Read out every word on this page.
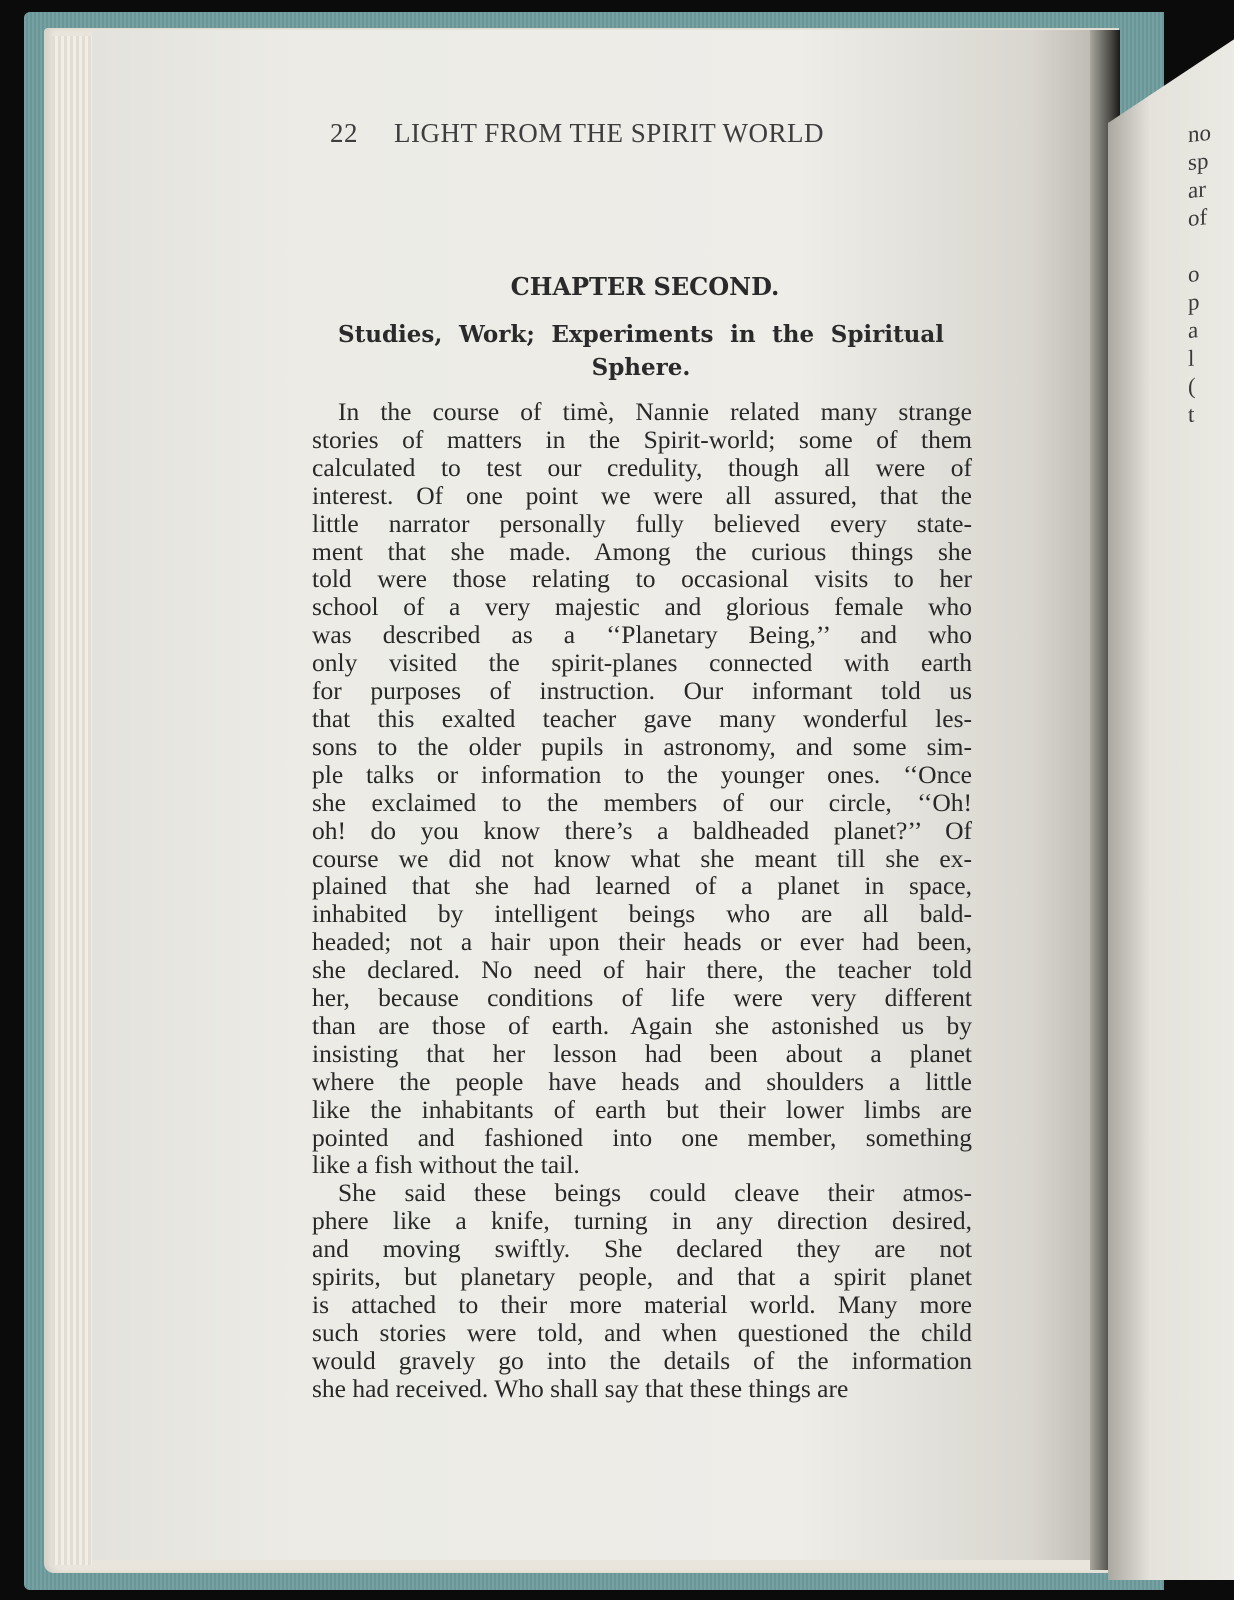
no
sp
ar
of

o
p
a
l
(
t
22 LIGHT FROM THE SPIRIT WORLD
CHAPTER SECOND.
Studies, Work; Experiments in the Spiritual
Sphere.
In the course of timè, Nannie related many strange
stories of matters in the Spirit-world; some of them
calculated to test our credulity, though all were of
interest. Of one point we were all assured, that the
little narrator personally fully believed every state-
ment that she made. Among the curious things she
told were those relating to occasional visits to her
school of a very majestic and glorious female who
was described as a ‘‘Planetary Being,’’ and who
only visited the spirit-planes connected with earth
for purposes of instruction. Our informant told us
that this exalted teacher gave many wonderful les-
sons to the older pupils in astronomy, and some sim-
ple talks or information to the younger ones. ‘‘Once
she exclaimed to the members of our circle, ‘‘Oh!
oh! do you know there’s a baldheaded planet?’’ Of
course we did not know what she meant till she ex-
plained that she had learned of a planet in space,
inhabited by intelligent beings who are all bald-
headed; not a hair upon their heads or ever had been,
she declared. No need of hair there, the teacher told
her, because conditions of life were very different
than are those of earth. Again she astonished us by
insisting that her lesson had been about a planet
where the people have heads and shoulders a little
like the inhabitants of earth but their lower limbs are
pointed and fashioned into one member, something
like a fish without the tail.
She said these beings could cleave their atmos-
phere like a knife, turning in any direction desired,
and moving swiftly. She declared they are not
spirits, but planetary people, and that a spirit planet
is attached to their more material world. Many more
such stories were told, and when questioned the child
would gravely go into the details of the information
she had received. Who shall say that these things are
